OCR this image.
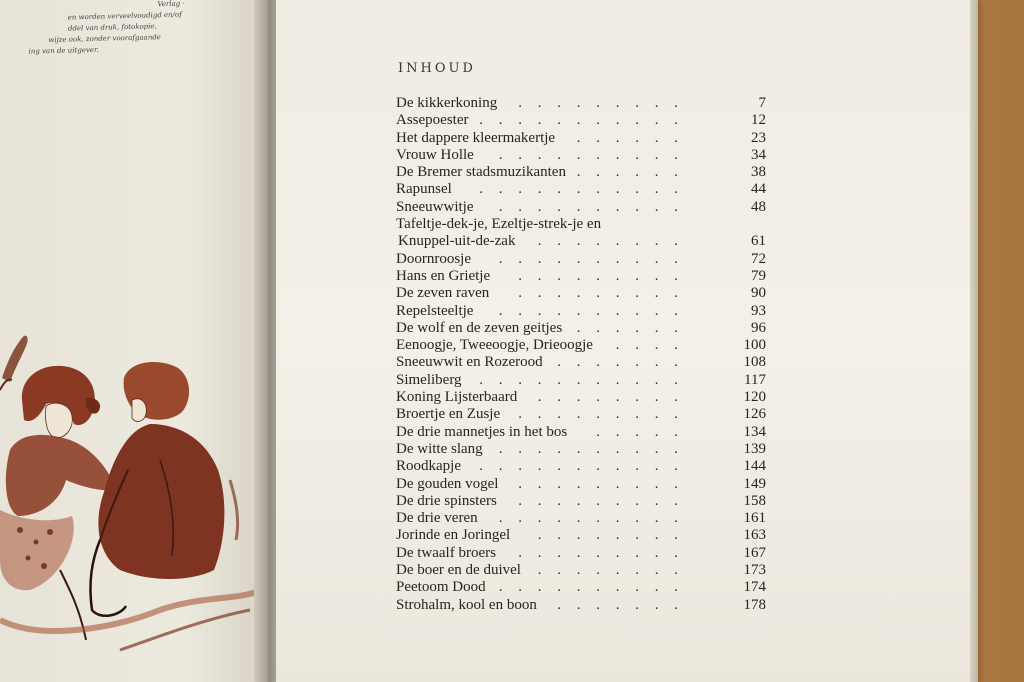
Verlag ·
en worden verveelvoudigd en/of
ddel van druk, fotokopie,
wijze ook, zonder voorafgaande
ing van de uitgever.
INHOUD
De kikkerkoning . . . . . . . . .	7
Assepoester . . . . . . . . . . .	12
Het dappere kleermakertje . . . . . .	23
Vrouw Holle . . . . . . . . . .	34
De Bremer stadsmuzikanten . . . . . .	38
Rapunsel . . . . . . . . . . .	44
Sneeuwwitje . . . . . . . . . .	48
Tafeltje-dek-je, Ezeltje-strek-je en
Knuppel-uit-de-zak . . . . . . . .	61
Doornroosje . . . . . . . . . .	72
Hans en Grietje . . . . . . . . .	79
De zeven raven . . . . . . . . .	90
Repelsteeltje . . . . . . . . . .	93
De wolf en de zeven geitjes . . . . . .	96
Eenoogje, Tweeoogje, Drieoogje . . . .	100
Sneeuwwit en Rozerood . . . . . . .	108
Simeliberg . . . . . . . . . . .	117
Koning Lijsterbaard . . . . . . . .	120
Broertje en Zusje . . . . . . . . .	126
De drie mannetjes in het bos . . . . .	134
De witte slang . . . . . . . . . .	139
Roodkapje . . . . . . . . . . .	144
De gouden vogel . . . . . . . . .	149
De drie spinsters . . . . . . . . .	158
De drie veren . . . . . . . . . .	161
Jorinde en Joringel . . . . . . . .	163
De twaalf broers . . . . . . . . .	167
De boer en de duivel . . . . . . . .	173
Peetoom Dood . . . . . . . . . .	174
Strohalm, kool en boon . . . . . . .	178
